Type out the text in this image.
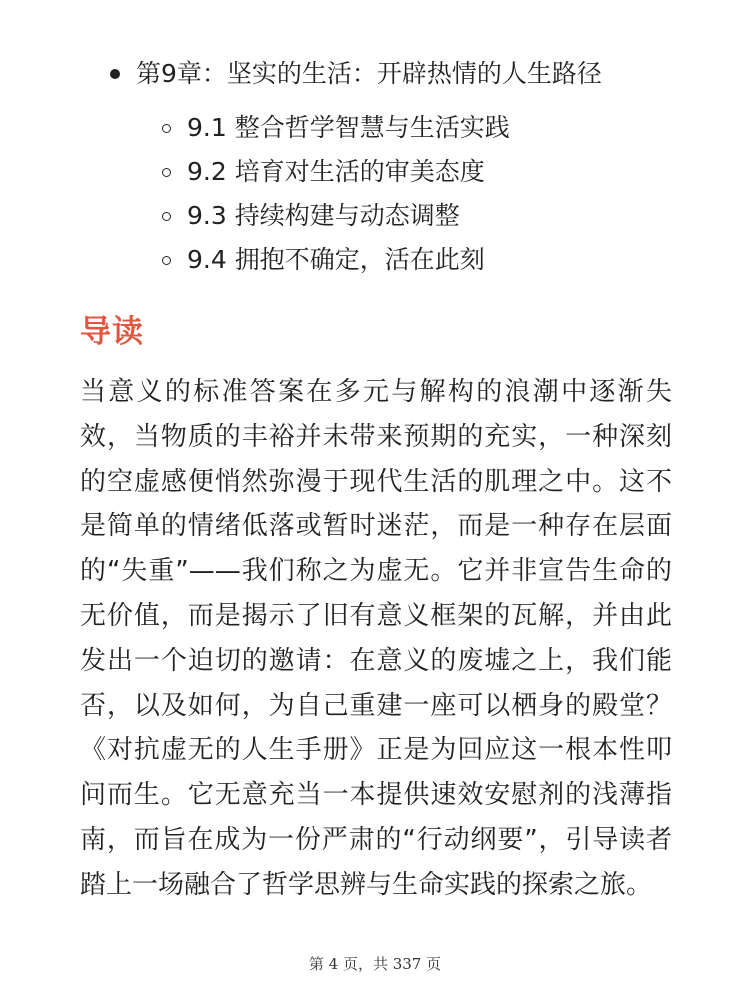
第9章：坚实的生活：开辟热情的人生路径
9.1 整合哲学智慧与生活实践
9.2 培育对生活的审美态度
9.3 持续构建与动态调整
9.4 拥抱不确定，活在此刻
导读

当意义的标准答案在多元与解构的浪潮中逐渐失效，当物质的丰裕并未带来预期的充实，一种深刻的空虚感便悄然弥漫于现代生活的肌理之中。这不是简单的情绪低落或暂时迷茫，而是一种存在层面的“失重”——我们称之为虚无。它并非宣告生命的无价值，而是揭示了旧有意义框架的瓦解，并由此发出一个迫切的邀请：在意义的废墟之上，我们能否，以及如何，为自己重建一座可以栖身的殿堂？《对抗虚无的人生手册》正是为回应这一根本性叩问而生。它无意充当一本提供速效安慰剂的浅薄指南，而旨在成为一份严肃的“行动纲要”，引导读者踏上一场融合了哲学思辨与生命实践的探索之旅。

第 4 页，共 337 页
